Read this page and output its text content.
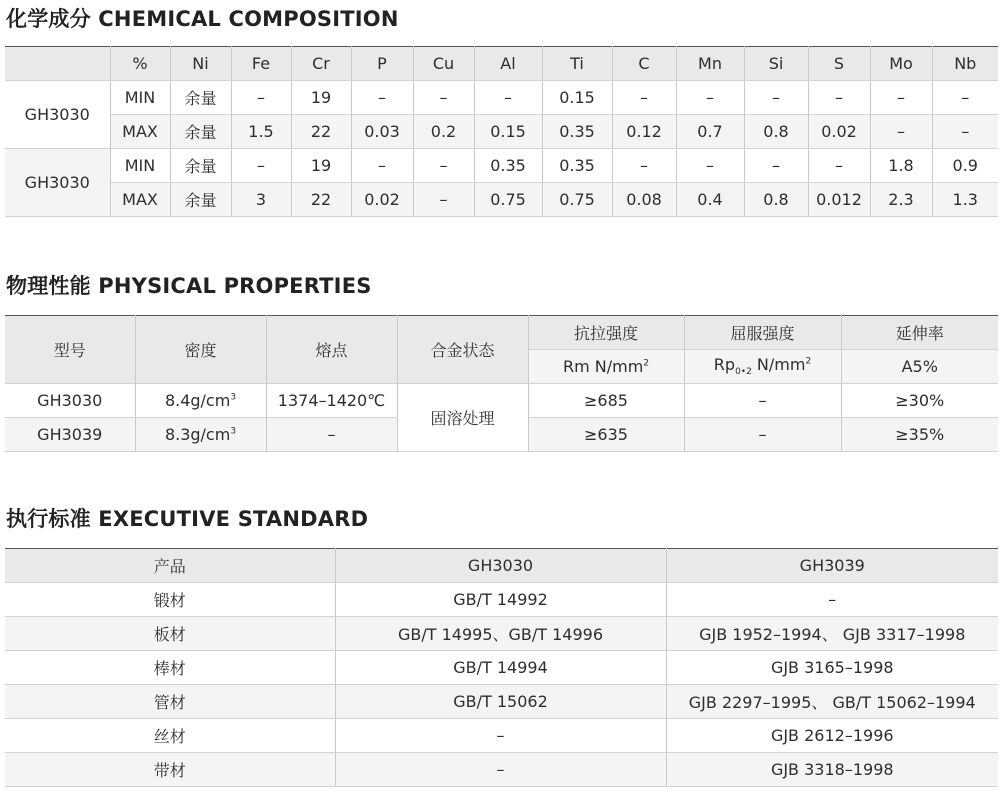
化学成分 CHEMICAL COMPOSITION
	%	Ni	Fe	Cr	P	Cu	Al	Ti	C	Mn	Si	S	Mo	Nb
GH3030	MIN	余量	–	19	–	–	–	0.15	–	–	–	–	–	–
	MAX	余量	1.5	22	0.03	0.2	0.15	0.35	0.12	0.7	0.8	0.02	–	–
GH3030	MIN	余量	–	19	–	–	0.35	0.35	–	–	–	–	1.8	0.9
	MAX	余量	3	22	0.02	–	0.75	0.75	0.08	0.4	0.8	0.012	2.3	1.3
物理性能 PHYSICAL PROPERTIES
型号	密度	熔点	合金状态	抗拉强度	屈服强度	延伸率
				Rm $N/mm^2$	$Rp_{0•2}$ $N/mm^2$	A5%
GH3030	$8.4g/cm^3$	1374–1420℃	固溶处理	≥685	–	≥30%
GH3039	$8.3g/cm^3$	–		≥635	–	≥35%
执行标准 EXECUTIVE STANDARD
产品	GH3030	GH3039
锻材	GB/T 14992	–
板材	GB/T 14995、GB/T 14996	GJB 1952–1994、 GJB 3317–1998
棒材	GB/T 14994	GJB 3165–1998
管材	GB/T 15062	GJB 2297–1995、 GB/T 15062–1994
丝材	–	GJB 2612–1996
带材	–	GJB 3318–1998
